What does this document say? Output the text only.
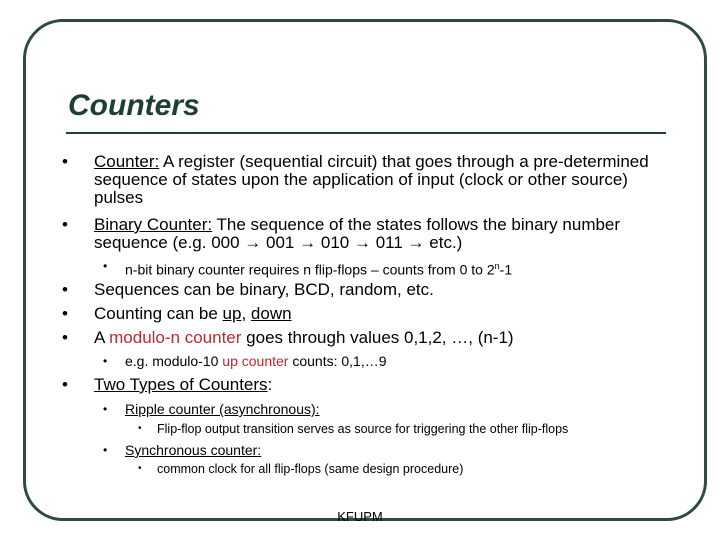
Counters
• Counter: A register (sequential circuit) that goes through a pre-determined sequence of states upon the application of input (clock or other source) pulses
• Binary Counter: The sequence of the states follows the binary number sequence (e.g. 000 → 001 → 010 → 011 → etc.)
• n-bit binary counter requires n flip-flops – counts from 0 to 2$^n$-1
• Sequences can be binary, BCD, random, etc.
• Counting can be up, down
• A modulo-n counter goes through values 0,1,2, …, (n-1)
• e.g. modulo-10 up counter counts: 0,1,…9
• Two Types of Counters:
• Ripple counter (asynchronous):
• Flip-flop output transition serves as source for triggering the other flip-flops
• Synchronous counter:
• common clock for all flip-flops (same design procedure)
KFUPM
